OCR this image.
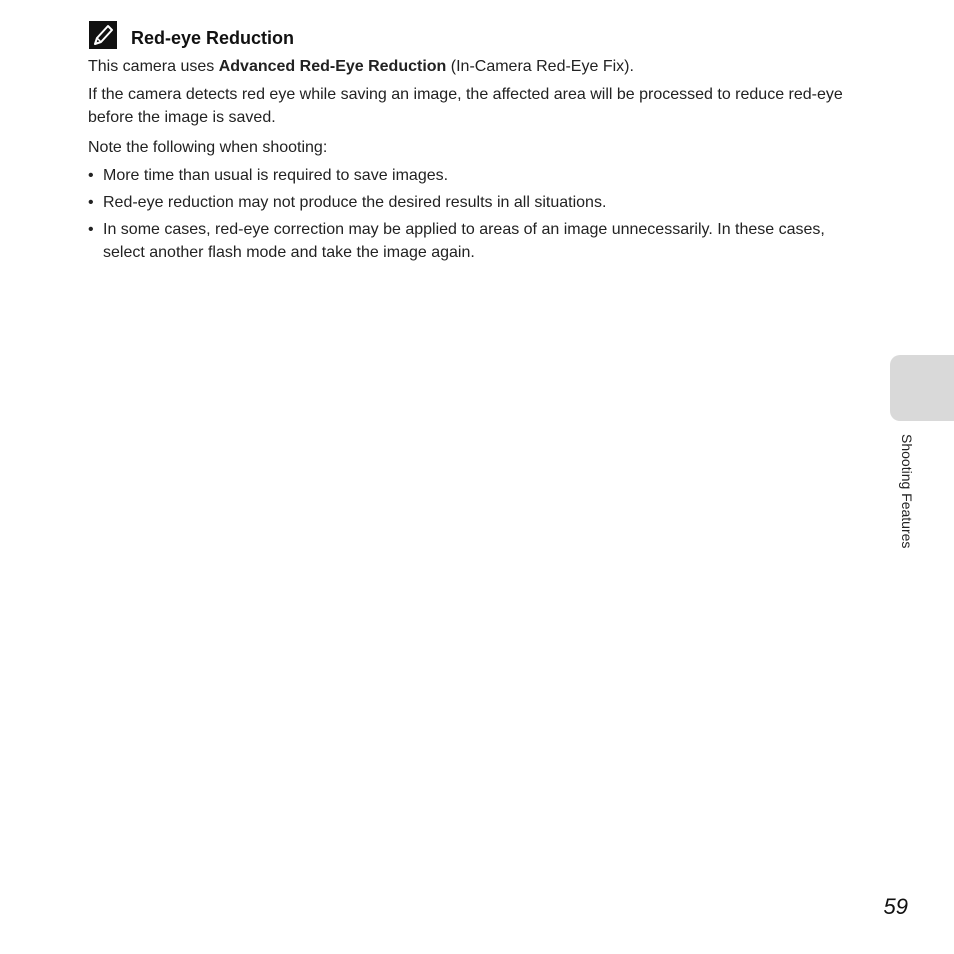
Red-eye Reduction

This camera uses Advanced Red-Eye Reduction (In-Camera Red-Eye Fix).

If the camera detects red eye while saving an image, the affected area will be processed to reduce red-eye before the image is saved.

Note the following when shooting:

• More time than usual is required to save images.
• Red-eye reduction may not produce the desired results in all situations.
• In some cases, red-eye correction may be applied to areas of an image unnecessarily. In these cases, select another flash mode and take the image again.
Shooting Features
59
